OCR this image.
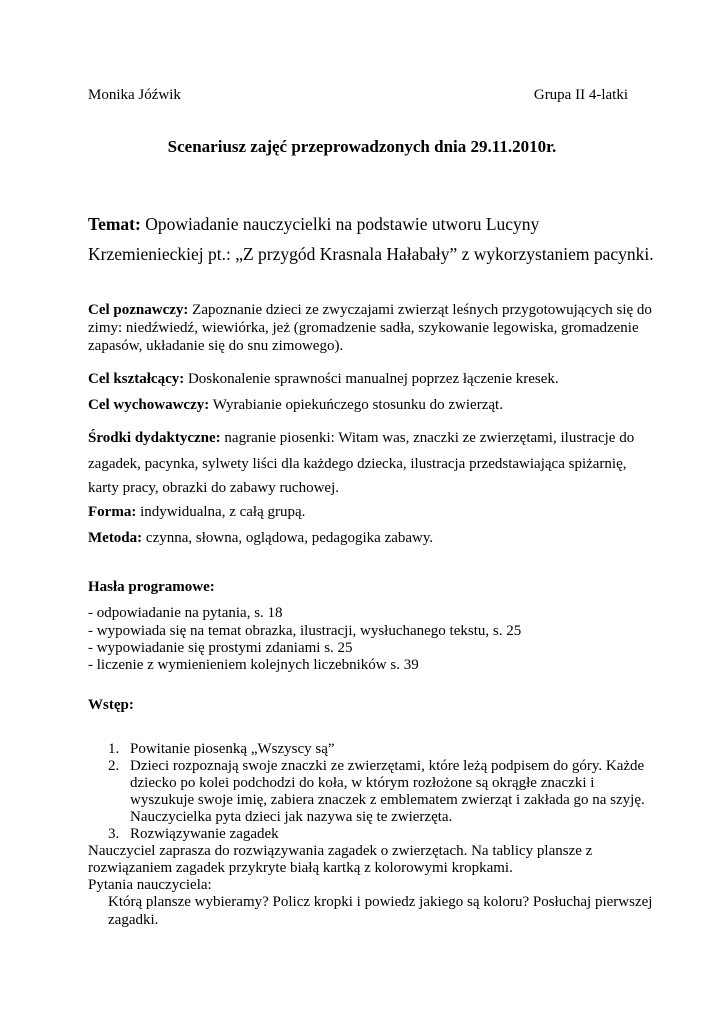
Monika Jóźwik	Grupa II 4-latki
Scenariusz zajęć przeprowadzonych dnia 29.11.2010r.
Temat: Opowiadanie nauczycielki na podstawie utworu Lucyny
Krzemienieckiej pt.: „Z przygód Krasnala Hałabały” z wykorzystaniem pacynki.
Cel poznawczy: Zapoznanie dzieci ze zwyczajami zwierząt leśnych przygotowujących się do
zimy: niedźwiedź, wiewiórka, jeż (gromadzenie sadła, szykowanie legowiska, gromadzenie
zapasów, układanie się do snu zimowego).
Cel kształcący: Doskonalenie sprawności manualnej poprzez łączenie kresek.
Cel wychowawczy: Wyrabianie opiekuńczego stosunku do zwierząt.
Środki dydaktyczne: nagranie piosenki: Witam was, znaczki ze zwierzętami, ilustracje do
zagadek, pacynka, sylwety liści dla każdego dziecka, ilustracja przedstawiająca spiżarnię,
karty pracy, obrazki do zabawy ruchowej.
Forma: indywidualna, z całą grupą.
Metoda: czynna, słowna, oglądowa, pedagogika zabawy.
Hasła programowe:
- odpowiadanie na pytania, s. 18
- wypowiada się na temat obrazka, ilustracji, wysłuchanego tekstu, s. 25
- wypowiadanie się prostymi zdaniami s. 25
- liczenie z wymienieniem kolejnych liczebników s. 39
Wstęp:
1. Powitanie piosenką „Wszyscy są”
2. Dzieci rozpoznają swoje znaczki ze zwierzętami, które leżą podpisem do góry. Każde
dziecko po kolei podchodzi do koła, w którym rozłożone są okrągłe znaczki i
wyszukuje swoje imię, zabiera znaczek z emblematem zwierząt i zakłada go na szyję.
Nauczycielka pyta dzieci jak nazywa się te zwierzęta.
3. Rozwiązywanie zagadek
Nauczyciel zaprasza do rozwiązywania zagadek o zwierzętach. Na tablicy plansze z
rozwiązaniem zagadek przykryte białą kartką z kolorowymi kropkami.
Pytania nauczyciela:
Którą plansze wybieramy? Policz kropki i powiedz jakiego są koloru? Posłuchaj pierwszej
zagadki.
